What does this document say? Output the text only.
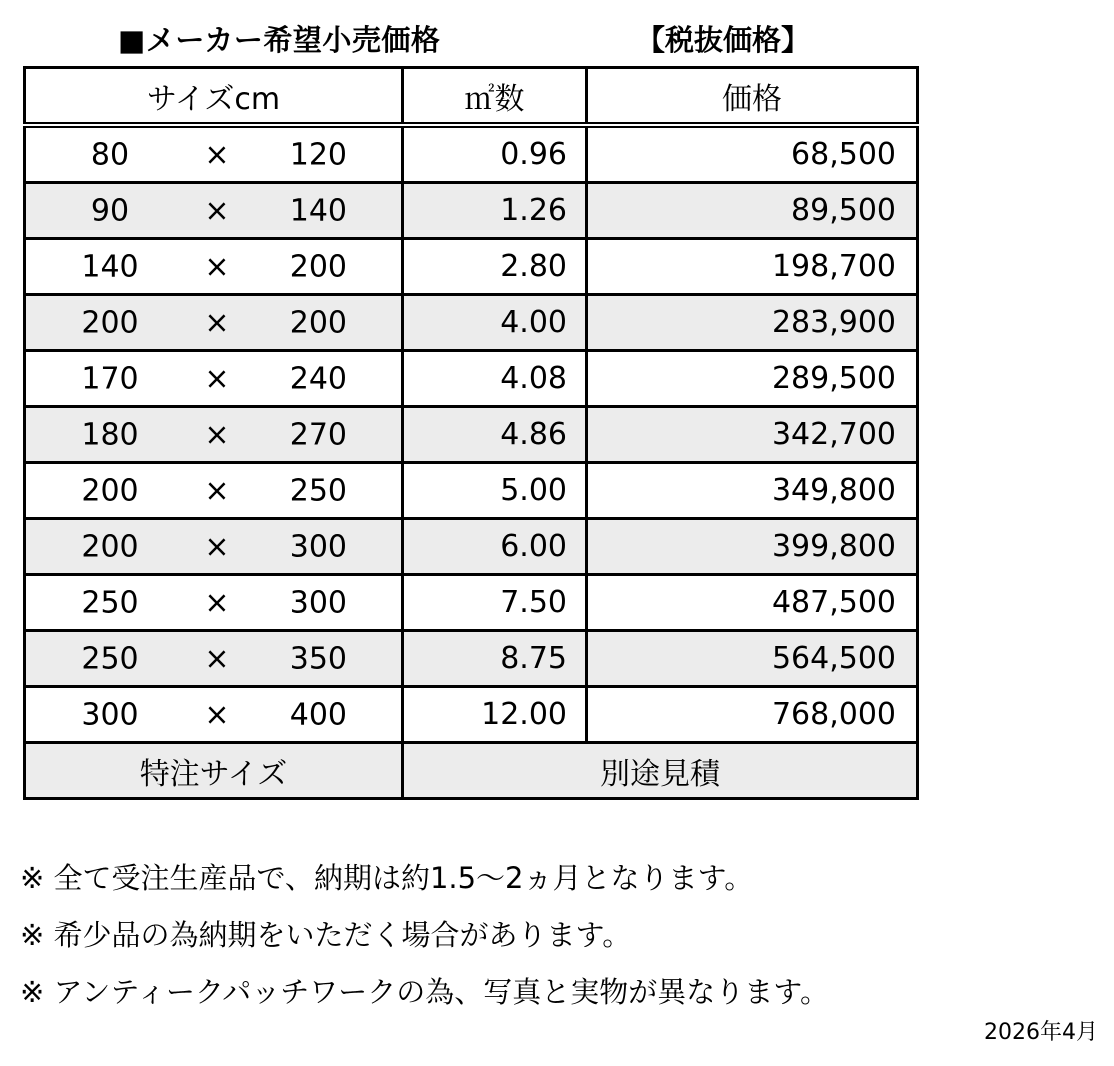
■メーカー希望小売価格	【税抜価格】
サイズcm	㎡数	価格

80 × 120	0.96	68,500

90 × 140	1.26	89,500

140 × 200	2.80	198,700

200 × 200	4.00	283,900

170 × 240	4.08	289,500

180 × 270	4.86	342,700

200 × 250	5.00	349,800

200 × 300	6.00	399,800

250 × 300	7.50	487,500

250 × 350	8.75	564,500

300 × 400	12.00	768,000
特注サイズ	別途見積	
※ 全て受注生産品で、納期は約1.5～2ヵ月となります。
※ 希少品の為納期をいただく場合があります。
※ アンティークパッチワークの為、写真と実物が異なります。
2026年4月
